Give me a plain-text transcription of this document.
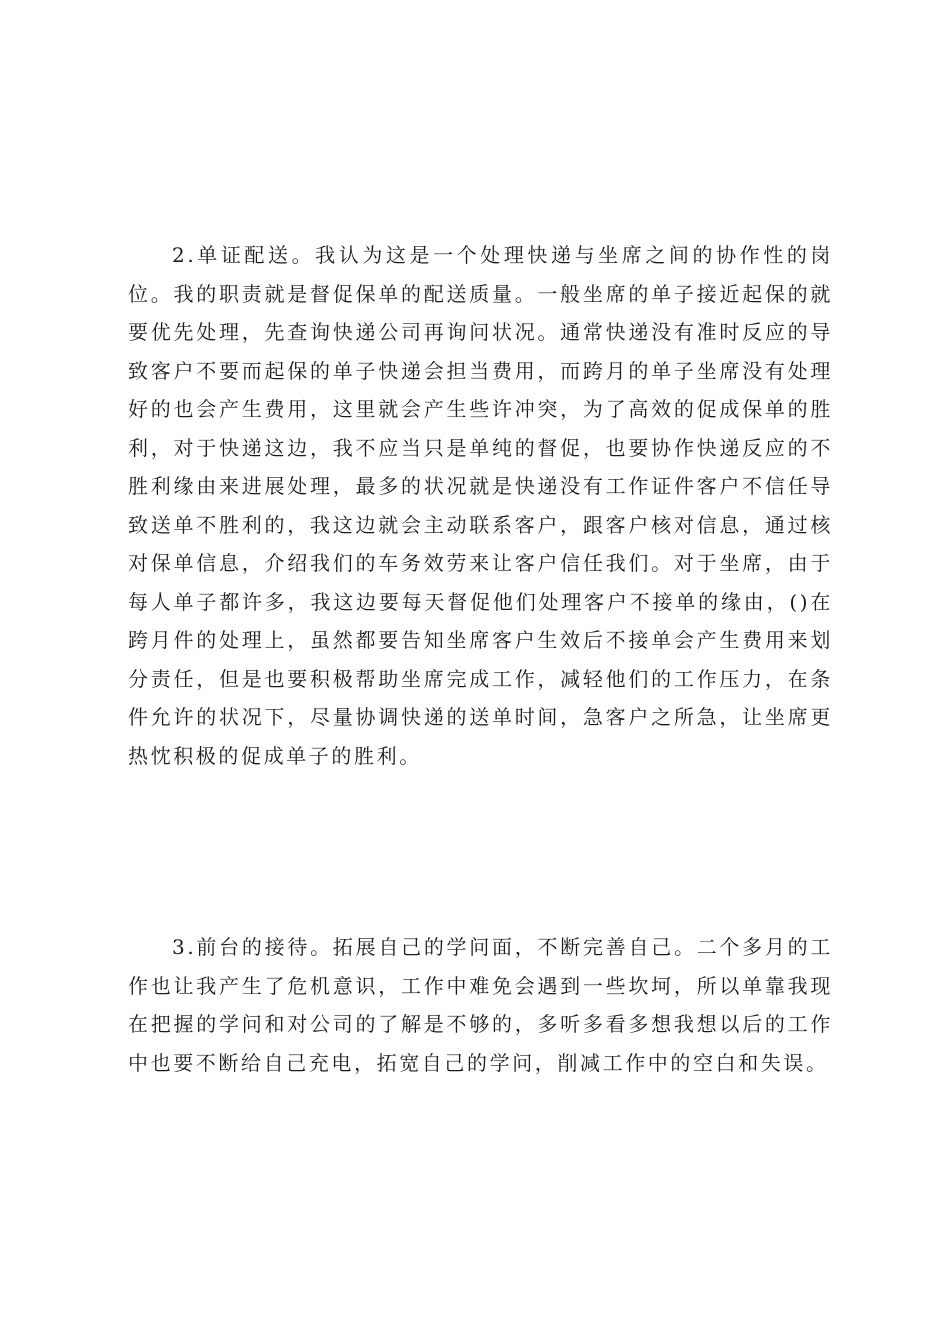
2.单证配送。我认为这是一个处理快递与坐席之间的协作性的岗位。我的职责就是督促保单的配送质量。一般坐席的单子接近起保的就要优先处理，先查询快递公司再询问状况。通常快递没有准时反应的导致客户不要而起保的单子快递会担当费用，而跨月的单子坐席没有处理好的也会产生费用，这里就会产生些许冲突，为了高效的促成保单的胜利，对于快递这边，我不应当只是单纯的督促，也要协作快递反应的不胜利缘由来进展处理，最多的状况就是快递没有工作证件客户不信任导致送单不胜利的，我这边就会主动联系客户，跟客户核对信息，通过核对保单信息，介绍我们的车务效劳来让客户信任我们。对于坐席，由于每人单子都许多，我这边要每天督促他们处理客户不接单的缘由，()在跨月件的处理上，虽然都要告知坐席客户生效后不接单会产生费用来划分责任，但是也要积极帮助坐席完成工作，减轻他们的工作压力，在条件允许的状况下，尽量协调快递的送单时间，急客户之所急，让坐席更热忱积极的促成单子的胜利。

3.前台的接待。拓展自己的学问面，不断完善自己。二个多月的工作也让我产生了危机意识，工作中难免会遇到一些坎坷，所以单靠我现在把握的学问和对公司的了解是不够的，多听多看多想我想以后的工作中也要不断给自己充电，拓宽自己的学问，削减工作中的空白和失误。
